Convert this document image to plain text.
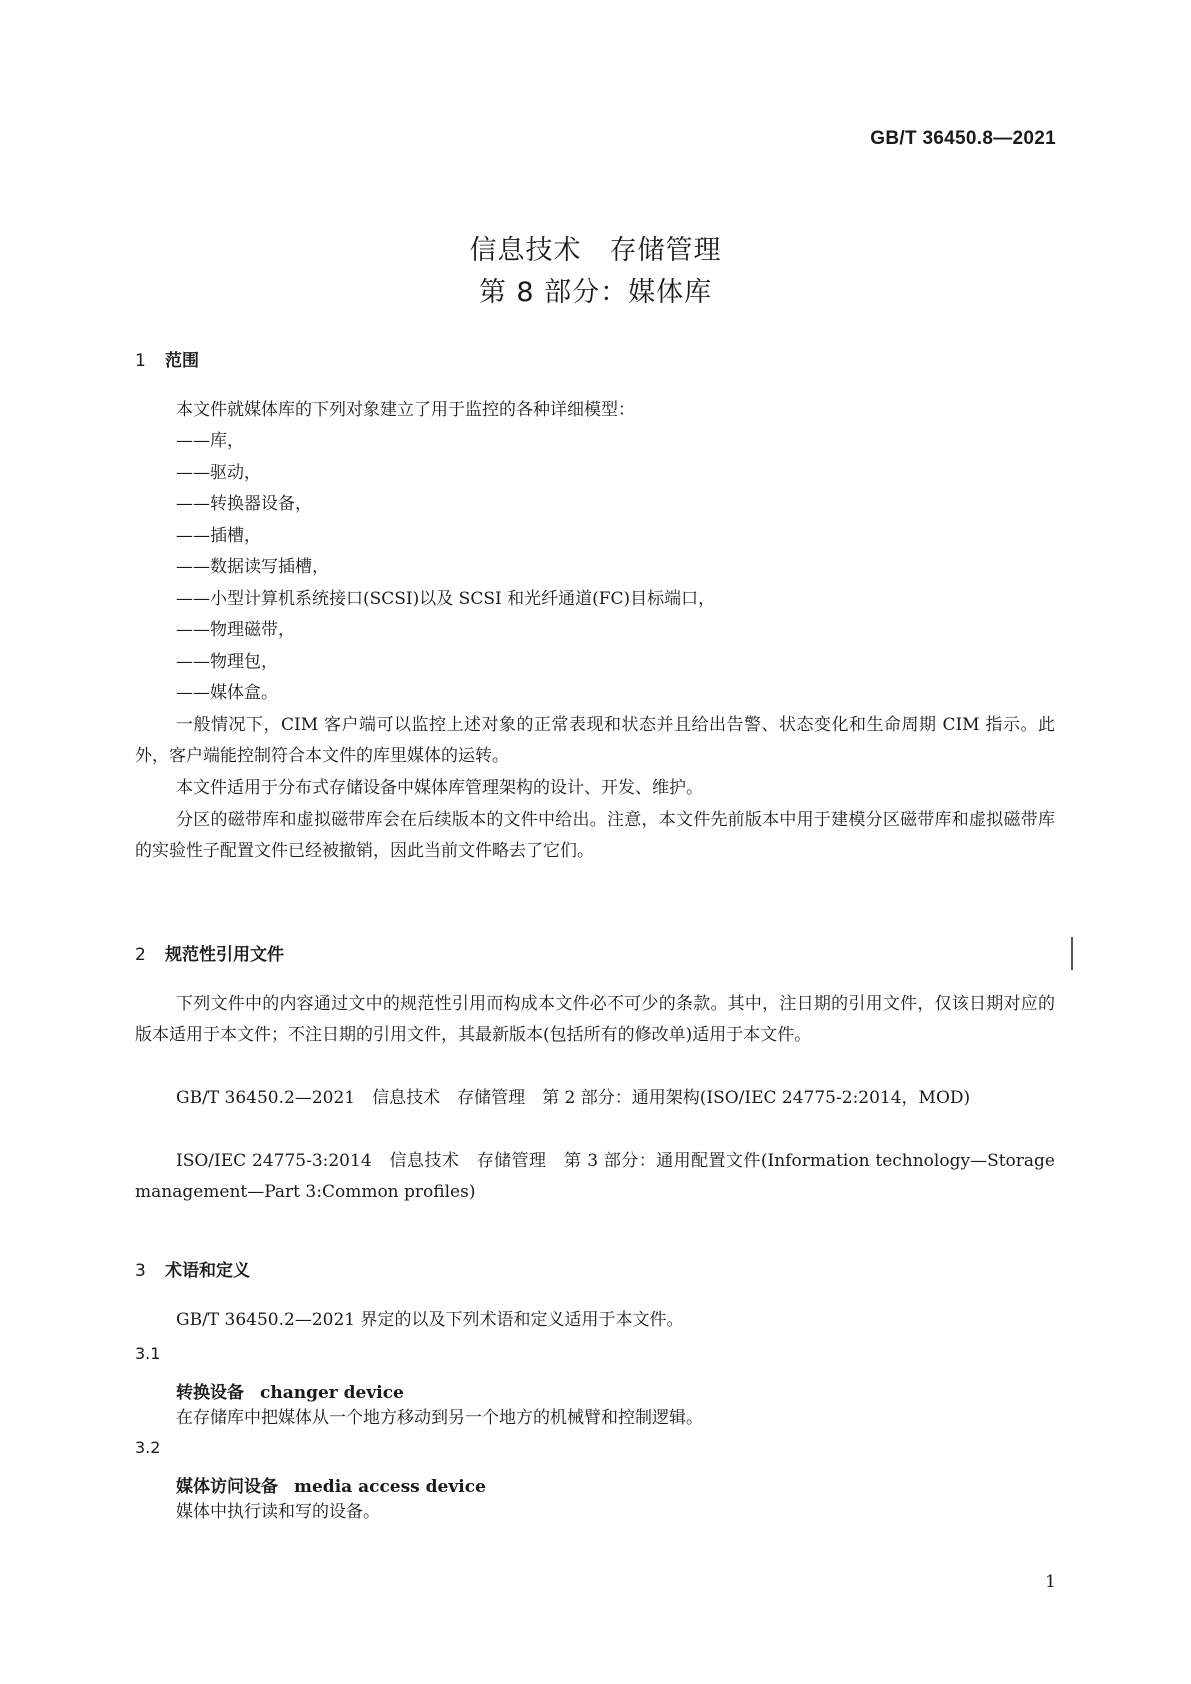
GB/T 36450.8—2021
信息技术　存储管理
第 8 部分：媒体库
1 范围
本文件就媒体库的下列对象建立了用于监控的各种详细模型：
——库，
——驱动，
——转换器设备，
——插槽，
——数据读写插槽，
——小型计算机系统接口(SCSI)以及 SCSI 和光纤通道(FC)目标端口，
——物理磁带，
——物理包，
——媒体盒。
一般情况下，CIM 客户端可以监控上述对象的正常表现和状态并且给出告警、状态变化和生命周期 CIM 指示。此外，客户端能控制符合本文件的库里媒体的运转。
本文件适用于分布式存储设备中媒体库管理架构的设计、开发、维护。
分区的磁带库和虚拟磁带库会在后续版本的文件中给出。注意，本文件先前版本中用于建模分区磁带库和虚拟磁带库的实验性子配置文件已经被撤销，因此当前文件略去了它们。
2 规范性引用文件
下列文件中的内容通过文中的规范性引用而构成本文件必不可少的条款。其中，注日期的引用文件，仅该日期对应的版本适用于本文件；不注日期的引用文件，其最新版本(包括所有的修改单)适用于本文件。
GB/T 36450.2—2021　信息技术　存储管理　第 2 部分：通用架构(ISO/IEC 24775-2:2014，MOD)
ISO/IEC 24775-3:2014　信息技术　存储管理　第 3 部分：通用配置文件(Information technology—Storage management—Part 3:Common profiles)
3 术语和定义
GB/T 36450.2—2021 界定的以及下列术语和定义适用于本文件。
3.1
转换设备 changer device
在存储库中把媒体从一个地方移动到另一个地方的机械臂和控制逻辑。
3.2
媒体访问设备 media access device
媒体中执行读和写的设备。
1
